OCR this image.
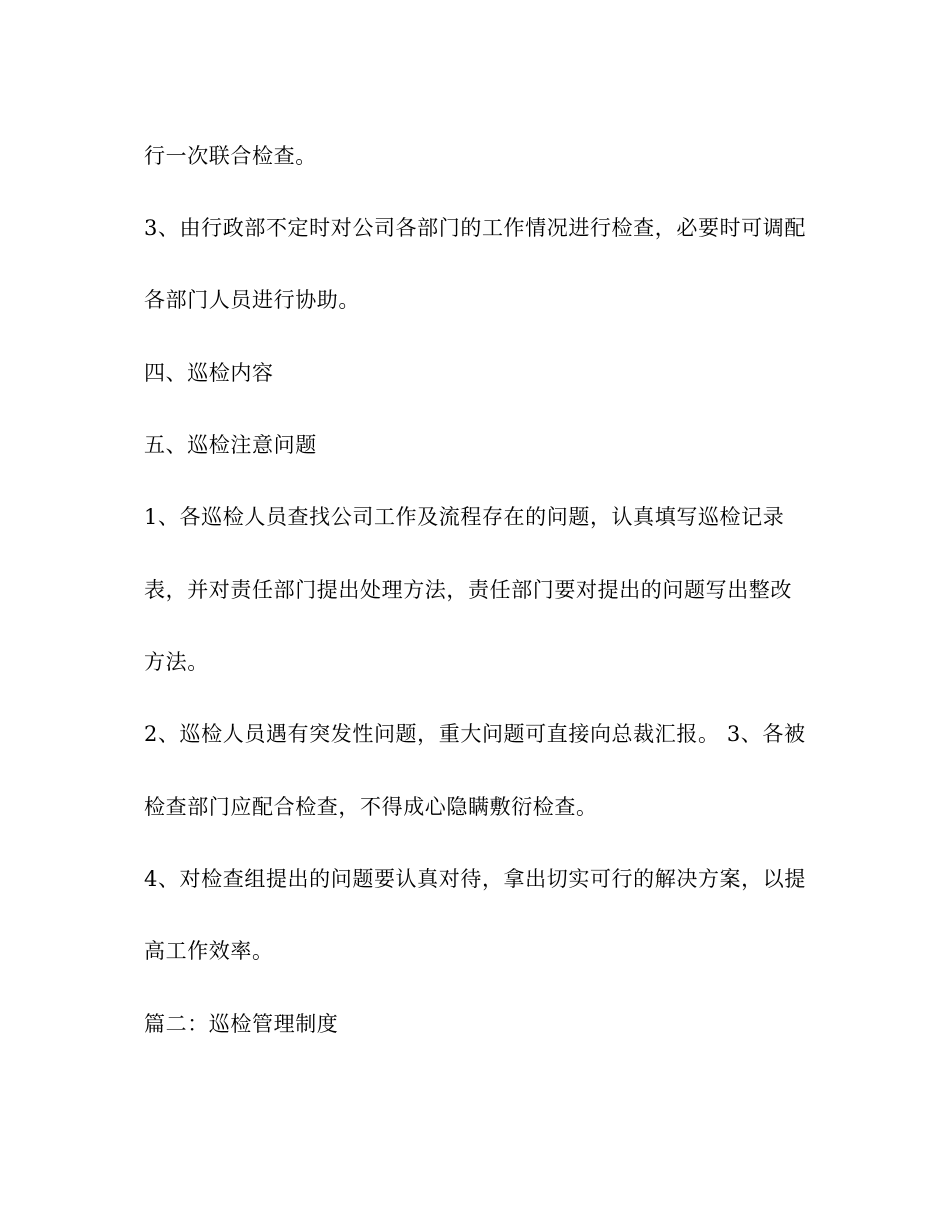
行一次联合检查。
3、由行政部不定时对公司各部门的工作情况进行检查，必要时可调配
各部门人员进行协助。
四、巡检内容
五、巡检注意问题
1、各巡检人员查找公司工作及流程存在的问题，认真填写巡检记录
表，并对责任部门提出处理方法，责任部门要对提出的问题写出整改
方法。
2、巡检人员遇有突发性问题，重大问题可直接向总裁汇报。 3、各被
检查部门应配合检查，不得成心隐瞒敷衍检查。
4、对检查组提出的问题要认真对待，拿出切实可行的解决方案，以提
高工作效率。
篇二：巡检管理制度
